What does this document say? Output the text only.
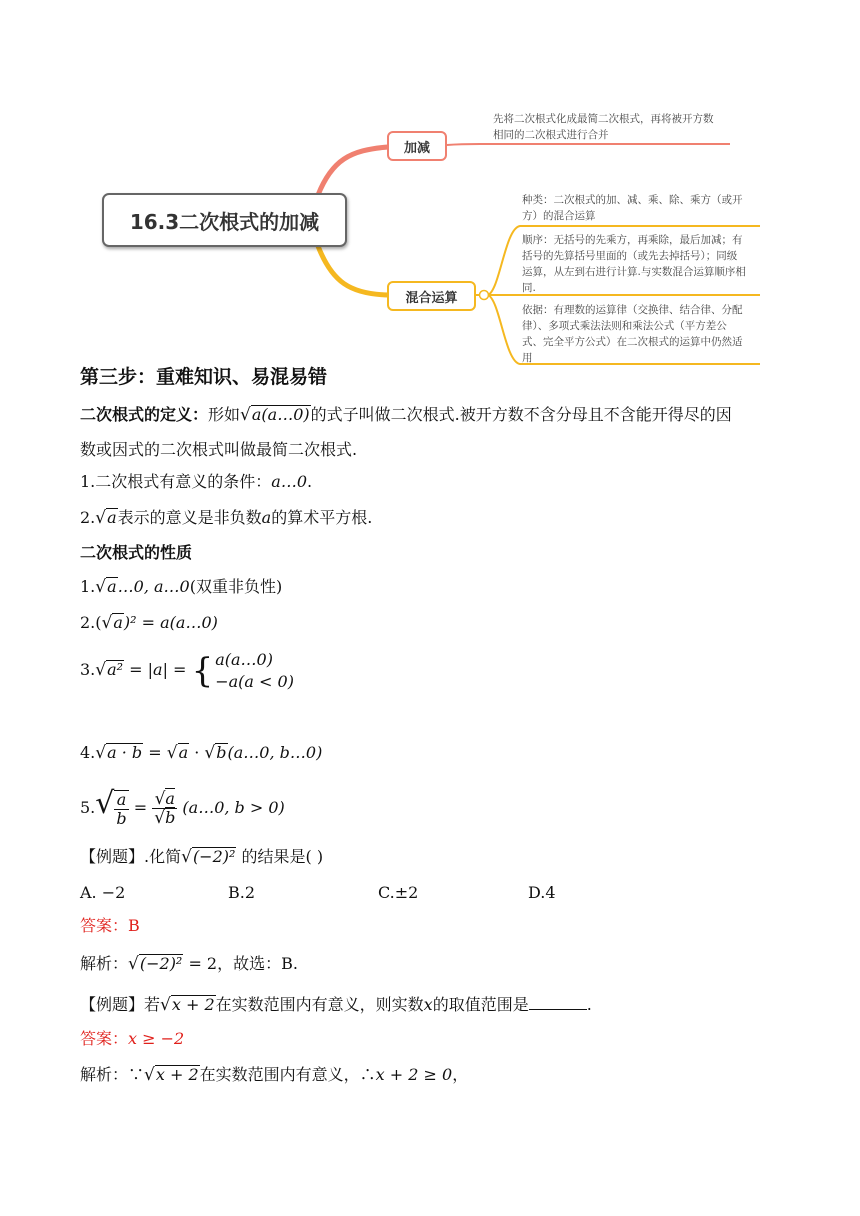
16.3二次根式的加减
加减
先将二次根式化成最简二次根式，再将被开方数
相同的二次根式进行合并
混合运算
种类：二次根式的加、减、乘、除、乘方（或开
方）的混合运算
顺序：无括号的先乘方，再乘除，最后加减；有
括号的先算括号里面的（或先去掉括号）；同级
运算，从左到右进行计算.与实数混合运算顺序相
同.
依据：有理数的运算律（交换律、结合律、分配
律）、多项式乘法法则和乘法公式（平方差公
式、完全平方公式）在二次根式的运算中仍然适
用
第三步：重难知识、易混易错
二次根式的定义：形如√a(a…0)的式子叫做二次根式.被开方数不含分母且不含能开得尽的因
数或因式的二次根式叫做最简二次根式.
1.二次根式有意义的条件：a…0.
2.√a表示的意义是非负数a的算术平方根.
二次根式的性质
1.√a…0, a…0(双重非负性)
2.(√a)² = a(a…0)
3.√a² = |a| = { a(a…0)
−a(a < 0)
4.√a · b = √a · √b(a…0, b…0)
$5.√ \frac{a}{b} = \frac{√a}{√b}$ (a…0, b > 0)
【例题】.化简√(−2)² 的结果是( )
A. −2	B.2	C.±2	D.4
答案：B
解析：√(−2)² = 2，故选：B.
【例题】若√x + 2在实数范围内有意义，则实数x的取值范围是	.
答案：x ≥ −2
解析：∵√x + 2在实数范围内有意义，∴x + 2 ≥ 0，
